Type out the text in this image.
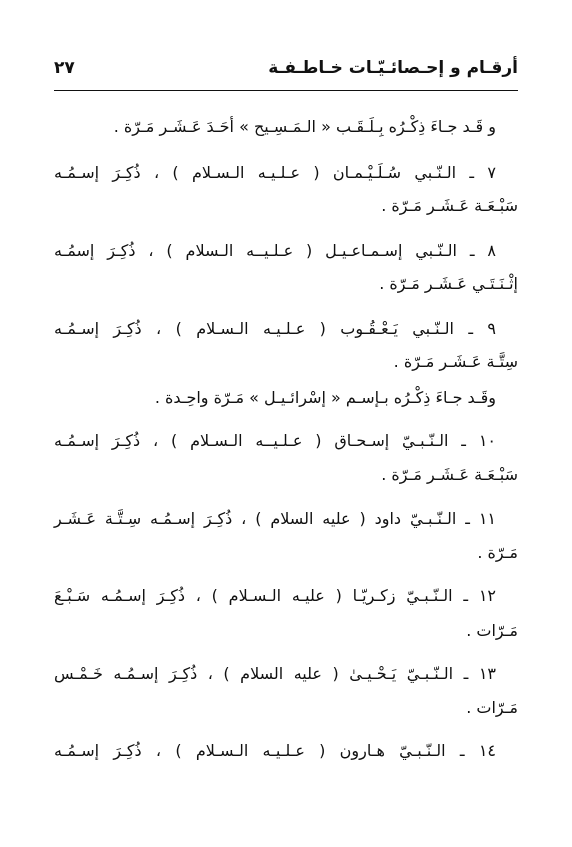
أرقـام و إحـصائـيّـات خـاطـفـة
٢٧
و قَـد جـاءَ ذِكْـرُه بِـلَـقَـب « الـمَـسِـيح » أحَـدَ عَـشَـر مَـرّة .
٧ ـ الـنّـبي سُـلَـيْـمـان ( عـلـيـه الـسـلام ) ، ذُكِـرَ إسـمُـه
سَبْـعَـة عَـشَـر مَـرّة .
٨ ـ الـنّـبي إسـمـاعـيـل ( عـلـيــه الـسلام ) ، ذُكِـرَ إسمُـه
إثْـنَـتَـي عَـشَـر مَـرّة .
٩ ـ الـنّـبي يَـعْـقُـوب ( عـلـيـه الـسـلام ) ، ذُكِـرَ إسـمُـه
سِتَّـة عَـشَـر مَـرّة .
وقَـد جـاءَ ذِكْـرُه بـإسـم « إسْرائـيـل » مَـرّة واحِـدة .
١٠ ـ الـنّـبـيّ إسـحـاق ( عـلـيــه الـسـلام ) ، ذُكِـرَ إسـمُـه
سَبْـعَـة عَـشَـر مَـرّة .
١١ ـ الـنّـبـيّ داود ( عليه السلام ) ، ذُكِـرَ إسـمُـه سِـتَّـة عَـشَـر
مَـرّة .
١٢ ـ الـنّـبـيّ زكـريّـا ( عليـه الـسـلام ) ، ذُكِـرَ إسـمُـه سَـبْـعَ
مَـرّات .
١٣ ـ الـنّـبـيّ يَـحْـيـىٰ ( عليه السلام ) ، ذُكِـرَ إسـمُـه خَـمْـس
مَـرّات .
١٤ ـ الـنّـبـيّ هـارون ( عـلـيـه الـسـلام ) ، ذُكِـرَ إسـمُـه
